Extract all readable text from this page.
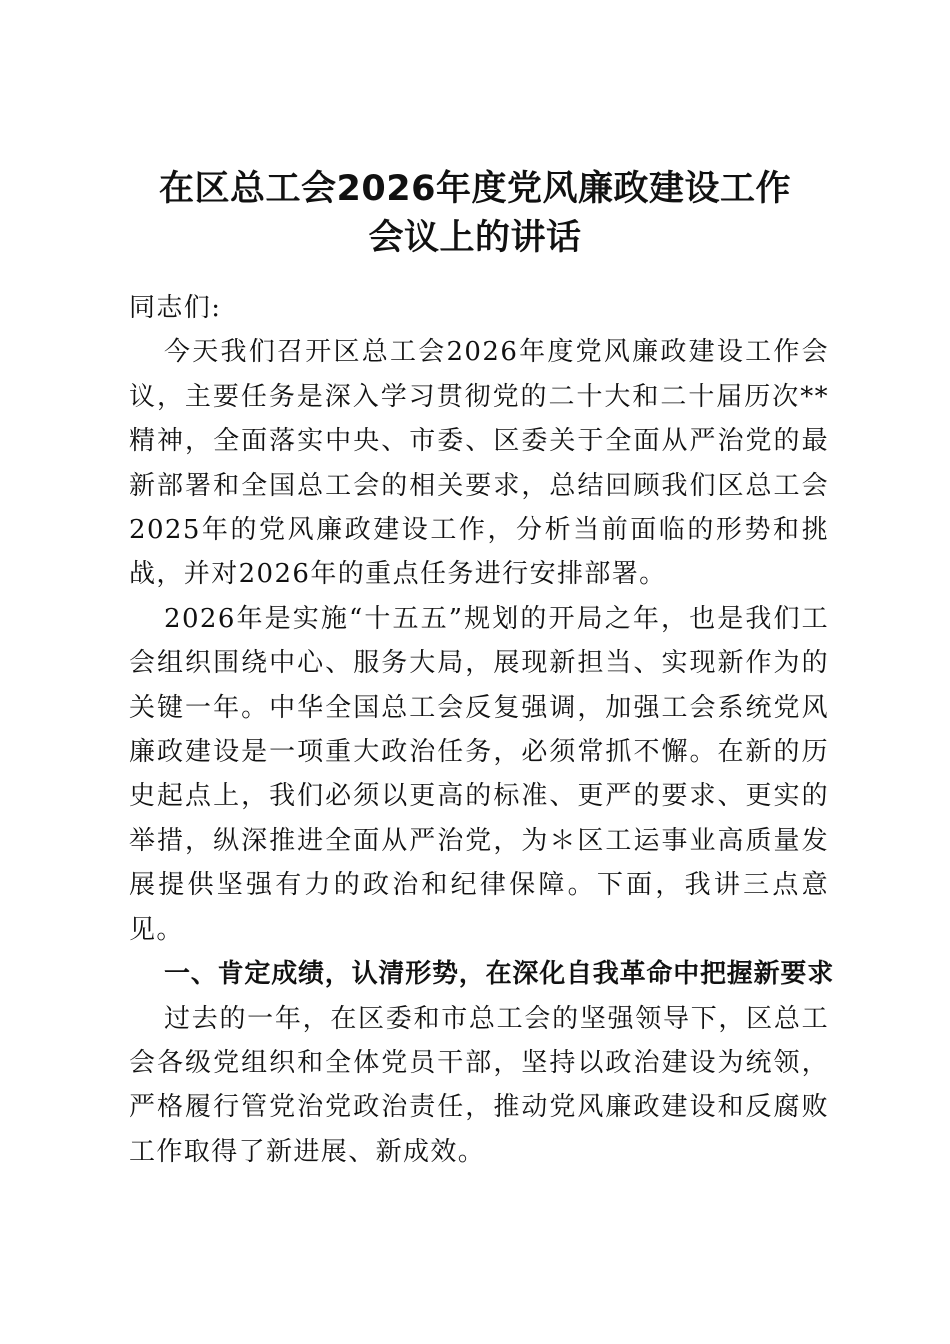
在区总工会2026年度党风廉政建设工作
会议上的讲话

同志们:

今天我们召开区总工会2026年度党风廉政建设工作会议，主要任务是深入学习贯彻党的二十大和二十届历次**精神，全面落实中央、市委、区委关于全面从严治党的最新部署和全国总工会的相关要求，总结回顾我们区总工会2025年的党风廉政建设工作，分析当前面临的形势和挑战，并对2026年的重点任务进行安排部署。

2026年是实施“十五五”规划的开局之年，也是我们工会组织围绕中心、服务大局，展现新担当、实现新作为的关键一年。中华全国总工会反复强调，加强工会系统党风廉政建设是一项重大政治任务，必须常抓不懈。在新的历史起点上，我们必须以更高的标准、更严的要求、更实的举措，纵深推进全面从严治党，为＊区工运事业高质量发展提供坚强有力的政治和纪律保障。下面，我讲三点意见。

一、肯定成绩，认清形势，在深化自我革命中把握新要求

过去的一年，在区委和市总工会的坚强领导下，区总工会各级党组织和全体党员干部，坚持以政治建设为统领，严格履行管党治党政治责任，推动党风廉政建设和反腐败工作取得了新进展、新成效。
